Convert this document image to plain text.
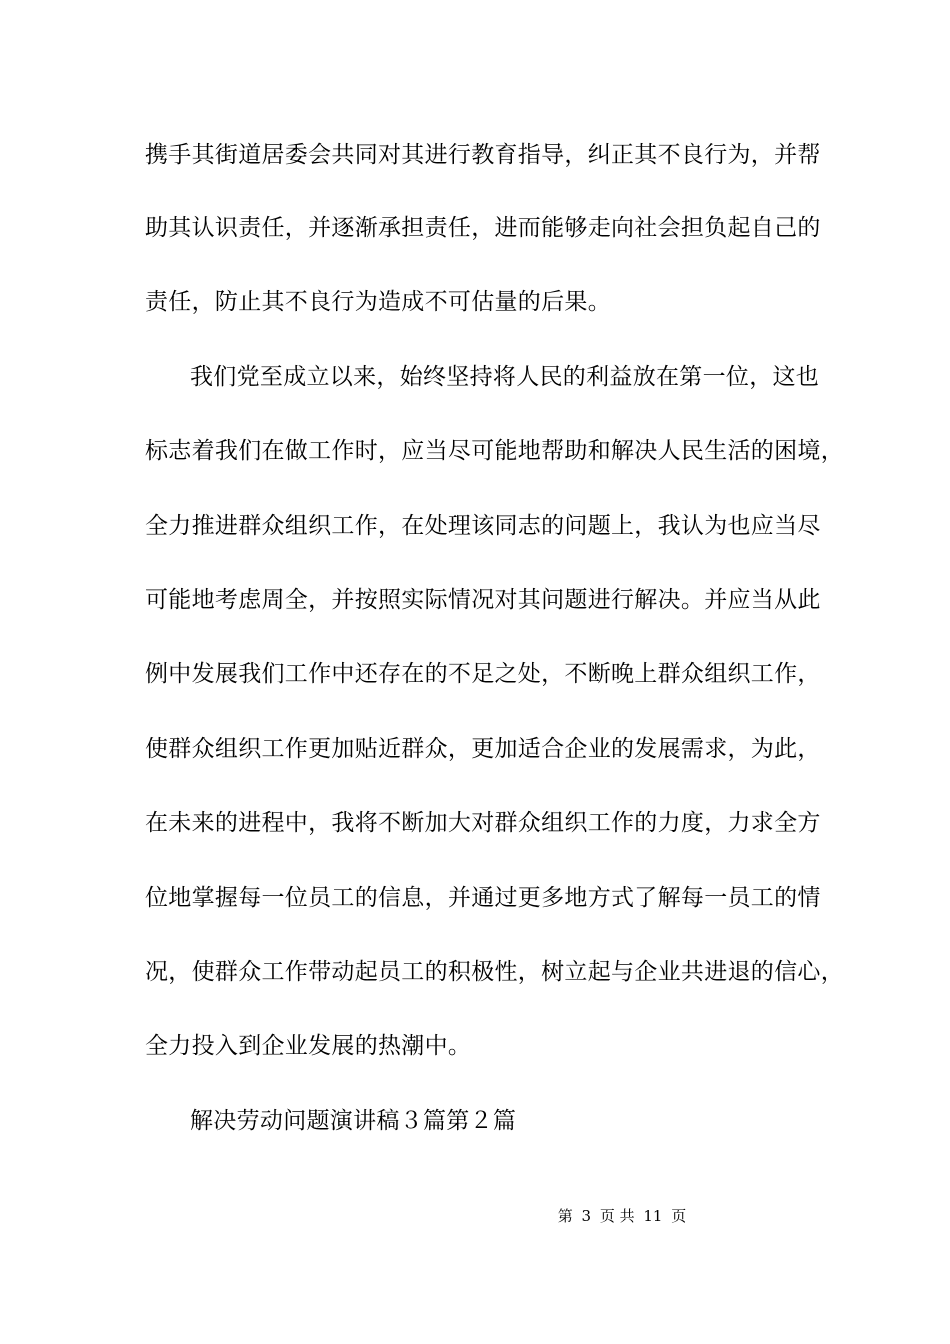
携手其街道居委会共同对其进行教育指导，纠正其不良行为，并帮
助其认识责任，并逐渐承担责任，进而能够走向社会担负起自己的
责任，防止其不良行为造成不可估量的后果。
我们党至成立以来，始终坚持将人民的利益放在第一位，这也
标志着我们在做工作时，应当尽可能地帮助和解决人民生活的困境，
全力推进群众组织工作，在处理该同志的问题上，我认为也应当尽
可能地考虑周全，并按照实际情况对其问题进行解决。并应当从此
例中发展我们工作中还存在的不足之处，不断晚上群众组织工作，
使群众组织工作更加贴近群众，更加适合企业的发展需求，为此，
在未来的进程中，我将不断加大对群众组织工作的力度，力求全方
位地掌握每一位员工的信息，并通过更多地方式了解每一员工的情
况，使群众工作带动起员工的积极性，树立起与企业共进退的信心，
全力投入到企业发展的热潮中。
解决劳动问题演讲稿３篇第２篇
第 3 页 共 11 页
